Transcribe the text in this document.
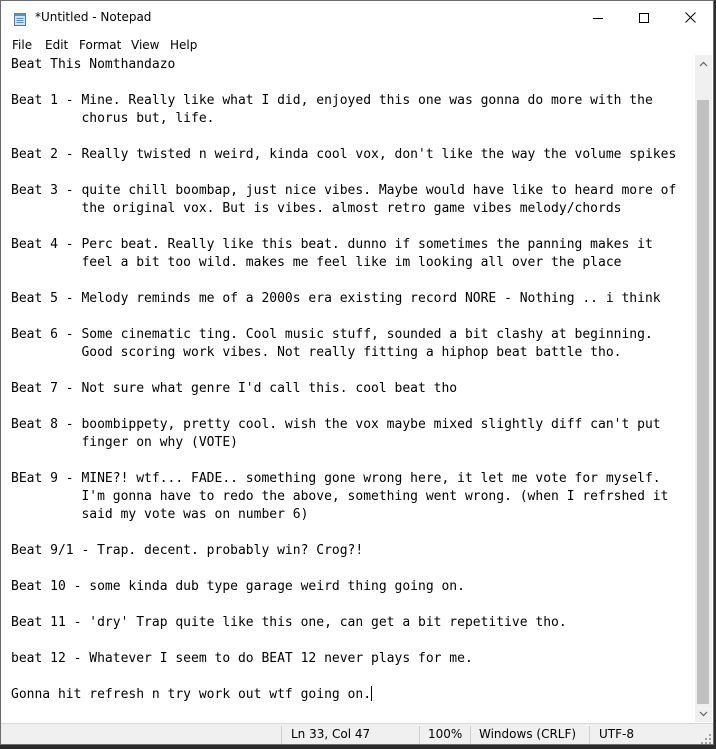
*Untitled - Notepad
File Edit Format View Help
Beat This Nomthandazo
Beat 1 - Mine. Really like what I did, enjoyed this one was gonna do more with the
chorus but, life.
Beat 2 - Really twisted n weird, kinda cool vox, don't like the way the volume spikes
Beat 3 - quite chill boombap, just nice vibes. Maybe would have like to heard more of
the original vox. But is vibes. almost retro game vibes melody/chords
Beat 4 - Perc beat. Really like this beat. dunno if sometimes the panning makes it
feel a bit too wild. makes me feel like im looking all over the place
Beat 5 - Melody reminds me of a 2000s era existing record NORE - Nothing .. i think
Beat 6 - Some cinematic ting. Cool music stuff, sounded a bit clashy at beginning.
Good scoring work vibes. Not really fitting a hiphop beat battle tho.
Beat 7 - Not sure what genre I'd call this. cool beat tho
Beat 8 - boombippety, pretty cool. wish the vox maybe mixed slightly diff can't put
finger on why (VOTE)
BEat 9 - MINE?! wtf... FADE.. something gone wrong here, it let me vote for myself.
I'm gonna have to redo the above, something went wrong. (when I refrshed it
said my vote was on number 6)
Beat 9/1 - Trap. decent. probably win? Crog?!
Beat 10 - some kinda dub type garage weird thing going on.
Beat 11 - 'dry' Trap quite like this one, can get a bit repetitive tho.
beat 12 - Whatever I seem to do BEAT 12 never plays for me.
Gonna hit refresh n try work out wtf going on.
Ln 33, Col 47	100% Windows (CRLF) UTF-8
